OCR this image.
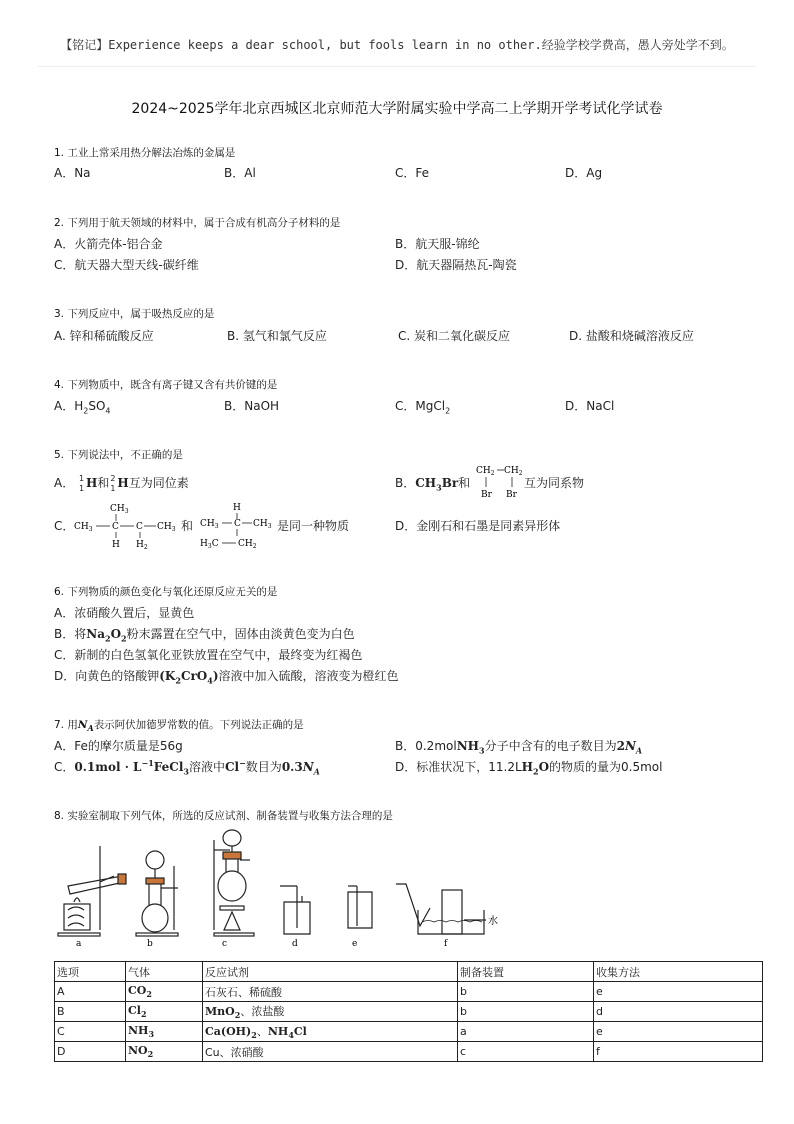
【铭记】Experience keeps a dear school, but fools learn in no other.经验学校学费高，愚人旁处学不到。
2024~2025学年北京西城区北京师范大学附属实验中学高二上学期开学考试化学试卷
1. 工业上常采用热分解法冶炼的金属是
A．Na	B．Al	C．Fe	D．Ag
2. 下列用于航天领域的材料中，属于合成有机高分子材料的是
A．火箭壳体-铝合金	B．航天服-锦纶
C．航天器大型天线-碳纤维	D．航天器隔热瓦-陶瓷
3. 下列反应中，属于吸热反应的是
A. 锌和稀硫酸反应	B. 氢气和氯气反应	C. 炭和二氧化碳反应	D. 盐酸和烧碱溶液反应
4. 下列物质中，既含有离子键又含有共价键的是
A．$H_2SO_4$	B．NaOH	C．MgCl$_2$	D．NaCl
5. 下列说法中，不正确的是
A． 1
1 H和 2
1 H互为同位素	B．$CH_3Br$和
$CH_2$ $CH_2$
Br Br
互为同系物
C．
$CH_3$
$CH_3$ C C $CH_3$
H $H_2$
和
H
$CH_3$ C $CH_3$
$H_3C$ $CH_2$
是同一种物质	D．金刚石和石墨是同素异形体
6. 下列物质的颜色变化与氧化还原反应无关的是
A．浓硝酸久置后，显黄色
B．将$Na_2O_2$粉末露置在空气中，固体由淡黄色变为白色
C．新制的白色氢氧化亚铁放置在空气中，最终变为红褐色
D．向黄色的铬酸钾$(K_2CrO_4)$溶液中加入硫酸，溶液变为橙红色
7. 用$N_A$表示阿伏加德罗常数的值。下列说法正确的是
A．Fe的摩尔质量是56g	B．0.2molNH$_3$分子中含有的电子数目为$2N_A$
C．$0.1mol \cdot L^{-1}FeCl_3$溶液中Cl−数目为$0.3N_A$	D．标准状况下，$11.2LH_2O$的物质的量为0.5mol
8. 实验室制取下列气体，所选的反应试剂、制备装置与收集方法合理的是
a	b	c	d	e	f
水
选项	气体	反应试剂	制备装置	收集方法
A	$CO_2$	石灰石、稀硫酸	b	e
B	$Cl_2$	MnO$_2$、浓盐酸	b	d
C	$NH_3$	$Ca(OH)_2$、$NH_4Cl$	a	e
D	$NO_2$	Cu、浓硝酸	c	f
